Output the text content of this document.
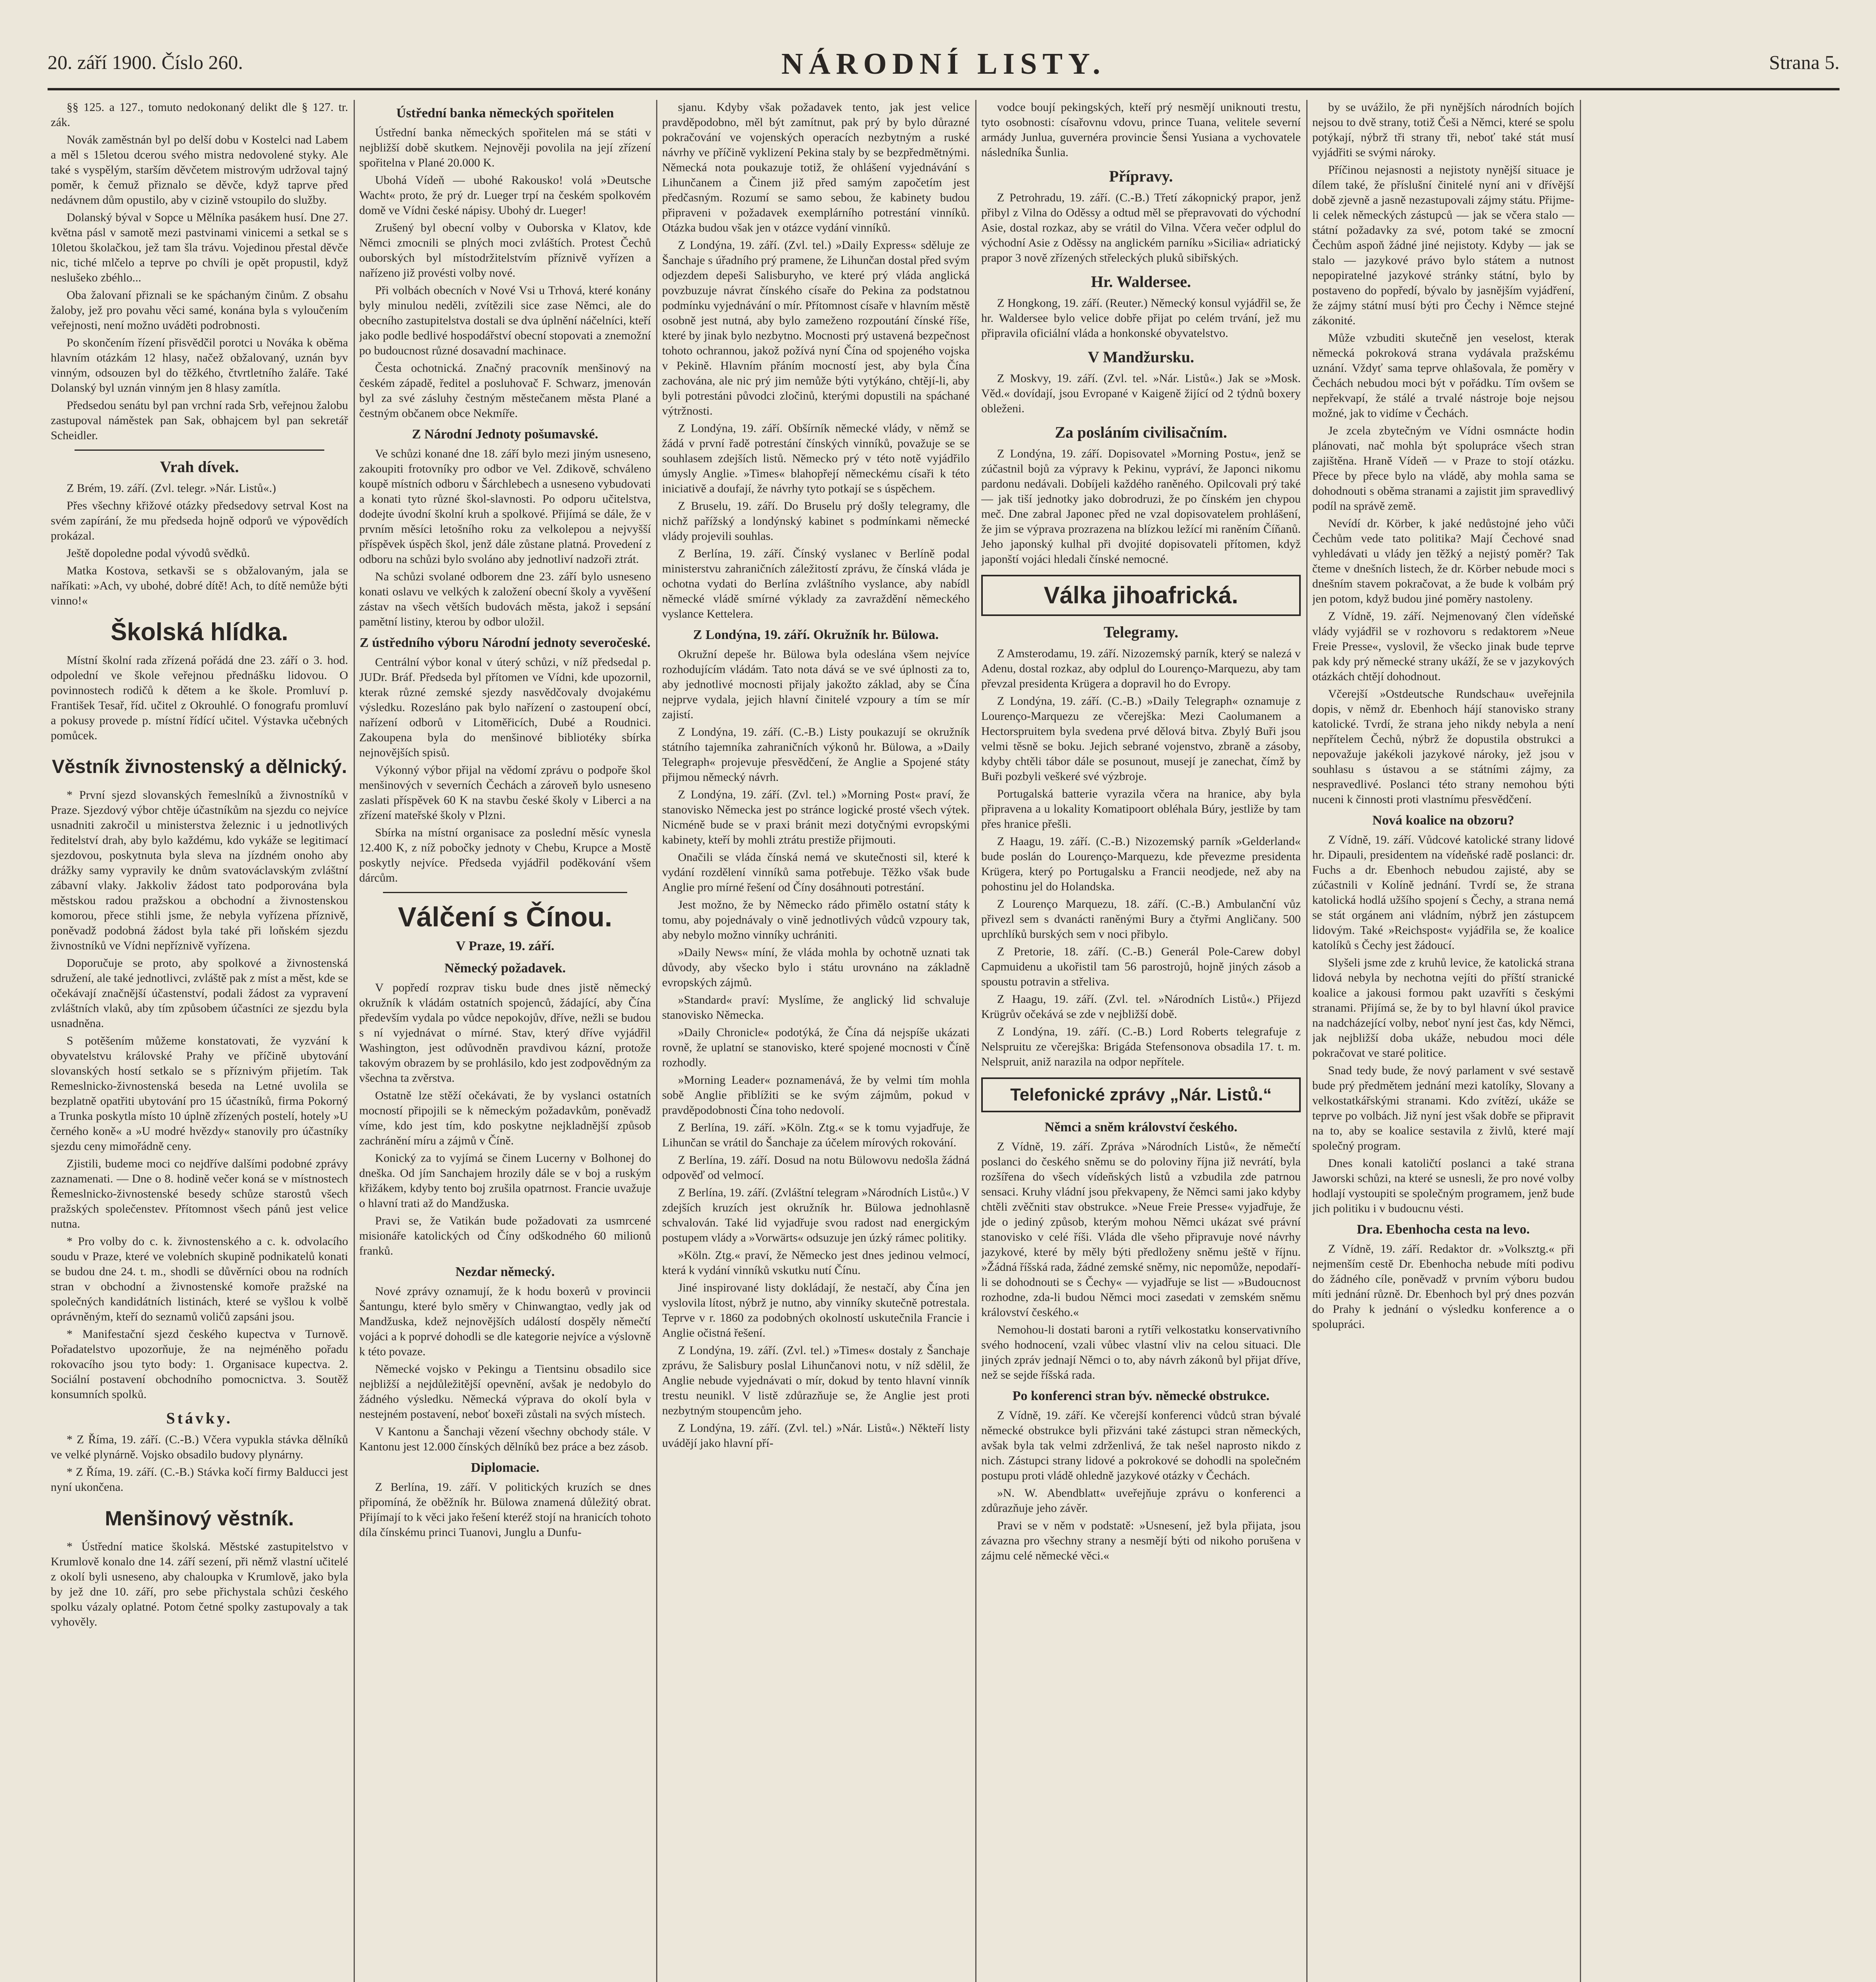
20. září 1900. Číslo 260.	NÁRODNÍ LISTY.	Strana 5.

§§ 125. a 127., tomuto nedokonaný delikt dle § 127. tr. zák.

Novák zaměstnán byl po delší dobu v Kostelci nad Labem a měl s 15letou dcerou svého mistra nedovolené styky. Ale také s vyspělým, starším děvčetem mistrovým udržoval tajný poměr, k čemuž přiznalo se děvče, když taprve před nedávnem dům opustilo, aby v cizině vstoupilo do služby.

Dolanský býval v Sopce u Mělníka pasákem husí. Dne 27. května pásl v samotě mezi pastvinami vinicemi a setkal se s 10letou školačkou, jež tam šla trávu. Vojedinou přestal děvče nic, tiché mlčelo a teprve po chvíli je opět propustil, když neslušeko zbéhlo...

Oba žalovaní přiznali se ke spáchaným činům. Z obsahu žaloby, jež pro povahu věci samé, konána byla s vyloučením veřejnosti, není možno uváděti podrobnosti.

Po skončením řízení přisvědčil porotci u Nováka k oběma hlavním otázkám 12 hlasy, načež obžalovaný, uznán byv vinným, odsouzen byl do těžkého, čtvrtletního žaláře. Také Dolanský byl uznán vinným jen 8 hlasy zamítla.

Předsedou senátu byl pan vrchní rada Srb, veřejnou žalobu zastupoval náměstek pan Sak, obhajcem byl pan sekretář Scheidler.

Vrah dívek.

Z Brém, 19. září. (Zvl. telegr. »Nár. Listů«.)

Přes všechny křižové otázky předsedovy setrval Kost na svém zapírání, že mu předseda hojně odporů ve výpovědích prokázal.

Ještě dopoledne podal vývodů svědků.

Matka Kostova, setkavši se s obžalovaným, jala se naříkati: »Ach, vy ubohé, dobré dítě! Ach, to dítě nemůže býti vinno!«

Školská hlídka.

Místní školní rada zřízená pořádá dne 23. září o 3. hod. odpolední ve škole veřejnou přednášku lidovou. O povinnostech rodičů k dětem a ke škole. Promluví p. František Tesař, říd. učitel z Okrouhlé. O fonografu promluví a pokusy provede p. místní řídící učitel. Výstavka učebných pomůcek.

Věstník živnostenský a dělnický.

* První sjezd slovanských řemeslníků a živnostníků v Praze. Sjezdový výbor chtěje účastníkům na sjezdu co nejvíce usnadniti zakročil u ministerstva železnic i u jednotlivých ředitelství drah, aby bylo každému, kdo vykáže se legitimací sjezdovou, poskytnuta byla sleva na jízdném onoho aby drážky samy vypravily ke dnům svatováclavským zvláštní zábavní vlaky. Jakkoliv žádost tato podporována byla městskou radou pražskou a obchodní a živnostenskou komorou, přece stihli jsme, že nebyla vyřízena příznivě, poněvadž podobná žádost byla také při loňském sjezdu živnostníků ve Vídni nepříznivě vyřízena.

Doporučuje se proto, aby spolkové a živnostenská sdružení, ale také jednotlivci, zvláště pak z míst a měst, kde se očekávají značnější účastenství, podali žádost za vypravení zvláštních vlaků, aby tím způsobem účastníci ze sjezdu byla usnadněna.

S potěšením můžeme konstatovati, že vyzvání k obyvatelstvu královské Prahy ve příčině ubytování slovanských hostí setkalo se s příznivým přijetím. Tak Remeslnicko-živnostenská beseda na Letné uvolila se bezplatně opatřiti ubytování pro 15 účastníků, firma Pokorný a Trunka poskytla místo 10 úplně zřízených postelí, hotely »U černého koně« a »U modré hvězdy« stanovily pro účastníky sjezdu ceny mimořádně ceny.

Zjistili, budeme moci co nejdříve dalšími podobné zprávy zaznamenati. — Dne o 8. hodině večer koná se v místnostech Řemeslnicko-živnostenské besedy schůze starostů všech pražských společenstev. Přítomnost všech pánů jest velice nutna.

* Pro volby do c. k. živnostenského a c. k. odvolacího soudu v Praze, které ve volebních skupině podnikatelů konati se budou dne 24. t. m., shodli se důvěrníci obou na rodních stran v obchodní a živnostenské komoře pražské na společných kandidátních listinách, které se vyšlou k volbě oprávněným, kteří do seznamů voličů zapsáni jsou.

* Manifestační sjezd českého kupectva v Turnově. Pořadatelstvo upozorňuje, že na nejméněho pořadu rokovacího jsou tyto body: 1. Organisace kupectva. 2. Sociální postavení obchodního pomocnictva. 3. Soutěž konsumních spolků.

Stávky.

* Z Říma, 19. září. (C.-B.) Včera vypukla stávka dělníků ve velké plynárně. Vojsko obsadilo budovy plynárny.

* Z Říma, 19. září. (C.-B.) Stávka kočí firmy Balducci jest nyní ukončena.

Menšinový věstník.

* Ústřední matice školská. Městské zastupitelstvo v Krumlově konalo dne 14. září sezení, při němž vlastní učitelé z okolí byli usneseno, aby chaloupka v Krumlově, jako byla by jež dne 10. září, pro sebe přichystala schůzi českého spolku vázaly oplatné. Potom četné spolky zastupovaly a tak vyhověly.

Ústřední banka německých spořitelen

Ústřední banka německých spořitelen má se státi v nejbližší době skutkem. Nejnověji povolila na její zřízení spořitelna v Plané 20.000 K.

Ubohá Vídeň — ubohé Rakousko! volá »Deutsche Wacht« proto, že prý dr. Lueger trpí na českém spolkovém domě ve Vídni české nápisy. Ubohý dr. Lueger!

Zrušený byl obecní volby v Ouborska v Klatov, kde Němci zmocnili se plných moci zvláštích. Protest Čechů ouborských byl místodržitelstvím příznivě vyřízen a nařízeno již provésti volby nové.

Při volbách obecních v Nové Vsi u Trhová, které konány byly minulou neděli, zvítězili sice zase Němci, ale do obecního zastupitelstva dostali se dva úplnění náčelníci, kteří jako podle bedlivé hospodářství obecní stopovati a znemožní po budoucnost různé dosavadní machinace.

Česta ochotnická. Značný pracovník menšinový na českém západě, ředitel a posluhovač F. Schwarz, jmenován byl za své zásluhy čestným městečanem města Plané a čestným občanem obce Nekmíře.

Z Národní Jednoty pošumavské.

Ve schůzi konané dne 18. září bylo mezi jiným usneseno, zakoupiti frotovníky pro odbor ve Vel. Zdikově, schváleno koupě místních odboru v Šárchlebech a usneseno vybudovati a konati tyto různé škol-slavnosti. Po odporu učitelstva, dodejte úvodní školní kruh a spolkové. Přijímá se dále, že v prvním měsíci letošního roku za velkolepou a nejvyšší příspěvek úspěch škol, jenž dále zůstane platná. Provedení z odboru na schůzi bylo svoláno aby jednotliví nadzoři ztrát.

Na schůzi svolané odborem dne 23. září bylo usneseno konati oslavu ve velkých k založení obecní školy a vyvěšení zástav na všech větších budovách města, jakož i sepsání pamětní listiny, kterou by odbor uložil.

Z ústředního výboru Národní jednoty severočeské.

Centrální výbor konal v úterý schůzi, v níž předsedal p. JUDr. Bráf. Předseda byl přítomen ve Vídni, kde upozornil, kterak různé zemské sjezdy nasvědčovaly dvojakému výsledku. Rozesláno pak bylo nařízení o zastoupení obcí, nařízení odborů v Litoměřicích, Dubé a Roudnici. Zakoupena byla do menšinové bibliotéky sbírka nejnovějších spisů.

Výkonný výbor přijal na vědomí zprávu o podpoře škol menšinových v severních Čechách a zároveň bylo usneseno zaslati příspěvek 60 K na stavbu české školy v Liberci a na zřízení mateřské školy v Plzni.

Sbírka na místní organisace za poslední měsíc vynesla 12.400 K, z níž pobočky jednoty v Chebu, Krupce a Mostě poskytly nejvíce. Předseda vyjádřil poděkování všem dárcům.

Válčení s Čínou.

V Praze, 19. září.

Německý požadavek.

V popředí rozprav tisku bude dnes jistě německý okružník k vládám ostatních spojenců, žádající, aby Čína především vydala po vůdce nepokojův, dříve, nežli se budou s ní vyjednávat o mírné. Stav, který dříve vyjádřil Washington, jest odůvodněn pravdivou kázní, protože takovým obrazem by se prohlásilo, kdo jest zodpovědným za všechna ta zvěrstva.

Ostatně lze stěží očekávati, že by vyslanci ostatních mocností připojili se k německým požadavkům, poněvadž víme, kdo jest tím, kdo poskytne nejkladnější způsob zachránění míru a zájmů v Číně.

Konický za to vyjímá se činem Lucerny v Bolhonej do dneška. Od jím Sanchajem hrozily dále se v boj a ruským křižákem, kdyby tento boj zrušila opatrnost. Francie uvažuje o hlavní trati až do Mandžuska.

Pravi se, že Vatikán bude požadovati za usmrcené misionáře katolických od Číny odškodného 60 milionů franků.

Nezdar německý.

Nové zprávy oznamují, že k hodu boxerů v provincii Šantungu, které bylo směry v Chinwangtao, vedly jak od Mandžuska, kdež nejnovějších událostí dospěly němečtí vojáci a k poprvé dohodli se dle kategorie nejvíce a výslovně k této povaze.

Německé vojsko v Pekingu a Tientsinu obsadilo sice nejbližší a nejdůležitější opevnění, avšak je nedobylo do žádného výsledku. Německá výprava do okolí byla v nestejném postavení, neboť boxeři zůstali na svých místech.

V Kantonu a Šanchaji vězení všechny obchody stále. V Kantonu jest 12.000 čínských dělníků bez práce a bez zásob.

Diplomacie.

Z Berlína, 19. září. V politických kruzích se dnes připomíná, že oběžník hr. Bülowa znamená důležitý obrat. Přijímají to k věci jako řešení kteréž stojí na hranicích tohoto díla čínskému princi Tuanovi, Junglu a Dunfu-

sjanu. Kdyby však požadavek tento, jak jest velice pravděpodobno, měl být zamítnut, pak prý by bylo důrazné pokračování ve vojenských operacích nezbytným a ruské návrhy ve příčině vyklizení Pekina staly by se bezpředmětnými. Německá nota poukazuje totiž, že ohlášení vyjednávání s Lihunčanem a Činem již před samým započetím jest předčasným. Rozumí se samo sebou, že kabinety budou připraveni v požadavek exemplárního potrestání vinníků. Otázka budou však jen v otázce vydání vinníků.

Z Londýna, 19. září. (Zvl. tel.) »Daily Express« sděluje ze Šanchaje s úřadního prý pramene, že Lihunčan dostal před svým odjezdem depeši Salisburyho, ve které prý vláda anglická povzbuzuje návrat čínského císaře do Pekina za podstatnou podmínku vyjednávání o mír. Přítomnost císaře v hlavním městě osobně jest nutná, aby bylo zameženo rozpoutání čínské říše, které by jinak bylo nezbytno. Mocnosti prý ustavená bezpečnost tohoto ochrannou, jakož požívá nyní Čína od spojeného vojska v Pekině. Hlavním přáním mocností jest, aby byla Čína zachována, ale nic prý jim nemůže býti vytýkáno, chtějí-li, aby byli potrestáni původci zločinů, kterými dopustili na spáchané výtržnosti.

Z Londýna, 19. září. Obšírník německé vlády, v němž se žádá v první řadě potrestání čínských vinníků, považuje se se souhlasem zdejších listů. Německo prý v této notě vyjádřilo úmysly Anglie. »Times« blahopřejí německému císaři k této iniciativě a doufají, že návrhy tyto potkají se s úspěchem.

Z Bruselu, 19. září. Do Bruselu prý došly telegramy, dle nichž pařížský a londýnský kabinet s podmínkami německé vlády projevili souhlas.

Z Berlína, 19. září. Čínský vyslanec v Berlíně podal ministerstvu zahraničních záležitostí zprávu, že čínská vláda je ochotna vydati do Berlína zvláštního vyslance, aby nabídl německé vládě smírné výklady za zavraždění německého vyslance Kettelera.

Z Londýna, 19. září. Okružník hr. Bülowa.

Okružní depeše hr. Bülowa byla odeslána všem nejvíce rozhodujícím vládám. Tato nota dává se ve své úplnosti za to, aby jednotlivé mocnosti přijaly jakožto základ, aby se Čína nejprve vydala, jejich hlavní činitelé vzpoury a tím se mír zajistí.

Z Londýna, 19. září. (C.-B.) Listy poukazují se okružník státního tajemníka zahraničních výkonů hr. Bülowa, a »Daily Telegraph« projevuje přesvědčení, že Anglie a Spojené státy přijmou německý návrh.

Z Londýna, 19. září. (Zvl. tel.) »Morning Post« praví, že stanovisko Německa jest po stránce logické prosté všech výtek. Nicméně bude se v praxi bránit mezi dotyčnými evropskými kabinety, kteří by mohli ztrátu prestiže přijmouti.

Onačili se vláda čínská nemá ve skutečnosti sil, které k vydání rozdělení vinníků sama potřebuje. Těžko však bude Anglie pro mírné řešení od Číny dosáhnouti potrestání.

Jest možno, že by Německo rádo přimělo ostatní státy k tomu, aby pojednávaly o vině jednotlivých vůdců vzpoury tak, aby nebylo možno vinníky uchrániti.

»Daily News« míní, že vláda mohla by ochotně uznati tak důvody, aby všecko bylo i státu urovnáno na základně evropských zájmů.

»Standard« praví: Myslíme, že anglický lid schvaluje stanovisko Německa.

»Daily Chronicle« podotýká, že Čína dá nejspíše ukázati rovně, že uplatní se stanovisko, které spojené mocnosti v Číně rozhodly.

»Morning Leader« poznamenává, že by velmi tím mohla sobě Anglie přiblížiti se ke svým zájmům, pokud v pravděpodobnosti Čína toho nedovolí.

Z Berlína, 19. září. »Köln. Ztg.« se k tomu vyjadřuje, že Lihunčan se vrátil do Šanchaje za účelem mírových rokování.

Z Berlína, 19. září. Dosud na notu Bülowovu nedošla žádná odpověď od velmocí.

Z Berlína, 19. září. (Zvláštní telegram »Národních Listů«.) V zdejších kruzích jest okružník hr. Bülowa jednohlasně schvalován. Také lid vyjadřuje svou radost nad energickým postupem vlády a »Vorwärts« odsuzuje jen úzký rámec politiky.

»Köln. Ztg.« praví, že Německo jest dnes jedinou velmocí, která k vydání vinníků vskutku nutí Čínu.

Jiné inspirované listy dokládají, že nestačí, aby Čína jen vyslovila lítost, nýbrž je nutno, aby vinníky skutečně potrestala. Teprve v r. 1860 za podobných okolností uskutečnila Francie i Anglie očistná řešení.

Z Londýna, 19. září. (Zvl. tel.) »Times« dostaly z Šanchaje zprávu, že Salisbury poslal Lihunčanovi notu, v níž sdělil, že Anglie nebude vyjednávati o mír, dokud by tento hlavní vinník trestu neunikl. V listě zdůrazňuje se, že Anglie jest proti nezbytným stoupencům jeho.

Z Londýna, 19. září. (Zvl. tel.) »Nár. Listů«.) Někteří listy uvádějí jako hlavní pří-

vodce boují pekingských, kteří prý nesmějí uniknouti trestu, tyto osobnosti: císařovnu vdovu, prince Tuana, velitele severní armády Junlua, guvernéra provincie Šensi Yusiana a vychovatele následníka Šunlia.

Přípravy.

Z Petrohradu, 19. září. (C.-B.) Třetí zákopnický prapor, jenž přibyl z Vilna do Oděssy a odtud měl se přepravovati do východní Asie, dostal rozkaz, aby se vrátil do Vilna. Včera večer odplul do východní Asie z Oděssy na anglickém parníku »Sicilia« adriatický prapor 3 nově zřízených střeleckých pluků sibiřských.

Hr. Waldersee.

Z Hongkong, 19. září. (Reuter.) Německý konsul vyjádřil se, že hr. Waldersee bylo velice dobře přijat po celém trvání, jež mu připravila oficiální vláda a honkonské obyvatelstvo.

V Mandžursku.

Z Moskvy, 19. září. (Zvl. tel. »Nár. Listů«.) Jak se »Mosk. Věd.« dovídají, jsou Evropané v Kaigeně žijící od 2 týdnů boxery obleženi.

Za posláním civilisačním.

Z Londýna, 19. září. Dopisovatel »Morning Postu«, jenž se zúčastnil bojů za výpravy k Pekinu, vypráví, že Japonci nikomu pardonu nedávali. Dobíjeli každého raněného. Opilcovali prý také — jak tiší jednotky jako dobrodruzi, že po čínském jen chypou meč. Dne zabral Japonec před ne vzal dopisovatelem prohlášení, že jim se výprava prozrazena na blízkou ležící mi raněním Číňanů. Jeho japonský kulhal při dvojité dopisovateli přítomen, když japonští vojáci hledali čínské nemocné.

Válka jihoafrická.

Telegramy.

Z Amsterodamu, 19. září. Nizozemský parník, který se nalezá v Adenu, dostal rozkaz, aby odplul do Lourenço-Marquezu, aby tam převzal presidenta Krügera a dopravil ho do Evropy.

Z Londýna, 19. září. (C.-B.) »Daily Telegraph« oznamuje z Lourenço-Marquezu ze včerejška: Mezi Caolumanem a Hectorspruitem byla svedena prvé dělová bitva. Zbylý Buři jsou velmi těsně se boku. Jejich sebrané vojenstvo, zbraně a zásoby, kdyby chtěli tábor dále se posunout, musejí je zanechat, čímž by Buři pozbyli veškeré své výzbroje.

Portugalská batterie vyrazila včera na hranice, aby byla připravena a u lokality Komatipoort obléhala Búry, jestliže by tam přes hranice přešli.

Z Haagu, 19. září. (C.-B.) Nizozemský parník »Gelderland« bude poslán do Lourenço-Marquezu, kde převezme presidenta Krügera, který po Portugalsku a Francii neodjede, než aby na pohostinu jel do Holandska.

Z Lourenço Marquezu, 18. září. (C.-B.) Ambulanční vůz přivezl sem s dvanácti raněnými Bury a čtyřmi Angličany. 500 uprchlíků burských sem v noci přibylo.

Z Pretorie, 18. září. (C.-B.) Generál Pole-Carew dobyl Capmuidenu a ukořistil tam 56 parostrojů, hojně jiných zásob a spoustu potravin a střeliva.

Z Haagu, 19. září. (Zvl. tel. »Národních Listů«.) Přijezd Krügrův očekává se zde v nejbližší době.

Z Londýna, 19. září. (C.-B.) Lord Roberts telegrafuje z Nelspruitu ze včerejška: Brigáda Stefensonova obsadila 17. t. m. Nelspruit, aniž narazila na odpor nepřítele.

Telefonické zprávy „Nár. Listů.“

Němci a sněm království českého.

Z Vídně, 19. září. Zpráva »Národních Listů«, že němečtí poslanci do českého sněmu se do poloviny října již nevrátí, byla rozšířena do všech vídeňských listů a vzbudila zde patrnou sensaci. Kruhy vládní jsou překvapeny, že Němci sami jako kdyby chtěli zvěčniti stav obstrukce. »Neue Freie Presse« vyjadřuje, že jde o jediný způsob, kterým mohou Němci ukázat své právní stanovisko v celé říši. Vláda dle všeho připravuje nové návrhy jazykové, které by měly býti předloženy sněmu ještě v říjnu. »Žádná říšská rada, žádné zemské sněmy, nic nepomůže, nepodaří-li se dohodnouti se s Čechy« — vyjadřuje se list — »Budoucnost rozhodne, zda-li budou Němci moci zasedati v zemském sněmu království českého.«

Nemohou-li dostati baroni a rytíři velkostatku konservativního svého hodnocení, vzali vůbec vlastní vliv na celou situaci. Dle jiných zpráv jednají Němci o to, aby návrh zákonů byl přijat dříve, než se sejde říšská rada.

Po konferenci stran býv. německé obstrukce.

Z Vídně, 19. září. Ke včerejší konferenci vůdců stran bývalé německé obstrukce byli přizváni také zástupci stran německých, avšak byla tak velmi zdrženlivá, že tak nešel naprosto nikdo z nich. Zástupci strany lidové a pokrokové se dohodli na společném postupu proti vládě ohledně jazykové otázky v Čechách.

»N. W. Abendblatt« uveřejňuje zprávu o konferenci a zdůrazňuje jeho závěr.

Pravi se v něm v podstatě: »Usnesení, jež byla přijata, jsou závazna pro všechny strany a nesmějí býti od nikoho porušena v zájmu celé německé věci.«

by se uvážilo, že při nynějších národních bojích nejsou to dvě strany, totiž Češi a Němci, které se spolu potýkají, nýbrž tři strany tři, neboť také stát musí vyjádřiti se svými nároky.

Příčinou nejasnosti a nejistoty nynější situace je dílem také, že příslušní činitelé nyní ani v dřívější době zjevně a jasně nezastupovali zájmy státu. Přijme-li celek německých zástupců — jak se včera stalo — státní požadavky za své, potom také se zmocní Čechům aspoň žádné jiné nejistoty. Kdyby — jak se stalo — jazykové právo bylo státem a nutnost nepopiratelné jazykové stránky státní, bylo by postaveno do popředí, bývalo by jasnějším vyjádření, že zájmy státní musí býti pro Čechy i Němce stejné zákonité.

Může vzbuditi skutečně jen veselost, kterak německá pokroková strana vydávala pražskému uznání. Vždyť sama teprve ohlašovala, že poměry v Čechách nebudou moci být v pořádku. Tím ovšem se nepřekvapí, že stálé a trvalé nástroje boje nejsou možné, jak to vidíme v Čechách.

Je zcela zbytečným ve Vídni osmnácte hodin plánovati, nač mohla být spolupráce všech stran zajištěna. Hraně Vídeň — v Praze to stojí otázku. Přece by přece bylo na vládě, aby mohla sama se dohodnouti s oběma stranami a zajistit jim spravedlivý podíl na správě země.

Nevídí dr. Körber, k jaké nedůstojné jeho vůči Čechům vede tato politika? Mají Čechové snad vyhledávati u vlády jen těžký a nejistý poměr? Tak čteme v dnešních listech, že dr. Körber nebude moci s dnešním stavem pokračovat, a že bude k volbám prý jen potom, když budou jiné poměry nastoleny.

Z Vídně, 19. září. Nejmenovaný člen vídeňské vlády vyjádřil se v rozhovoru s redaktorem »Neue Freie Presse«, vyslovil, že všecko jinak bude teprve pak kdy prý německé strany ukáží, že se v jazykových otázkách chtějí dohodnout.

Včerejší »Ostdeutsche Rundschau« uveřejnila dopis, v němž dr. Ebenhoch hájí stanovisko strany katolické. Tvrdí, že strana jeho nikdy nebyla a není nepřítelem Čechů, nýbrž že dopustila obstrukci a nepovažuje jakékoli jazykové nároky, jež jsou v souhlasu s ústavou a se státními zájmy, za nespravedlivé. Poslanci této strany nemohou býti nuceni k činnosti proti vlastnímu přesvědčení.

Nová koalice na obzoru?

Z Vídně, 19. září. Vůdcové katolické strany lidové hr. Dipauli, presidentem na vídeňské radě poslanci: dr. Fuchs a dr. Ebenhoch nebudou zajisté, aby se zúčastnili v Kolíně jednání. Tvrdí se, že strana katolická hodlá užšího spojení s Čechy, a strana nemá se stát orgánem ani vládním, nýbrž jen zástupcem lidovým. Také »Reichspost« vyjádřila se, že koalice katolíků s Čechy jest žádoucí.

Slyšeli jsme zde z kruhů levice, že katolická strana lidová nebyla by nechotna vejíti do příští stranické koalice a jakousi formou pakt uzavříti s českými stranami. Přijímá se, že by to byl hlavní úkol pravice na nadcházející volby, neboť nyní jest čas, kdy Němci, jak nejbližší doba ukáže, nebudou moci déle pokračovat ve staré politice.

Snad tedy bude, že nový parlament v své sestavě bude prý předmětem jednání mezi katolíky, Slovany a velkostatkářskými stranami. Kdo zvítězí, ukáže se teprve po volbách. Již nyní jest však dobře se připravit na to, aby se koalice sestavila z živlů, které mají společný program.

Dnes konali katoličtí poslanci a také strana Jaworski schůzi, na které se usnesli, že pro nové volby hodlají vystoupiti se společným programem, jenž bude jich politiku i v budoucnu vésti.

Dra. Ebenhocha cesta na levo.

Z Vídně, 19. září. Redaktor dr. »Volksztg.« při nejmenším cestě Dr. Ebenhocha nebude míti podivu do žádného cíle, poněvadž v prvním výboru budou míti jednání různě. Dr. Ebenhoch byl prý dnes pozván do Prahy k jednání o výsledku konference a o spolupráci.
